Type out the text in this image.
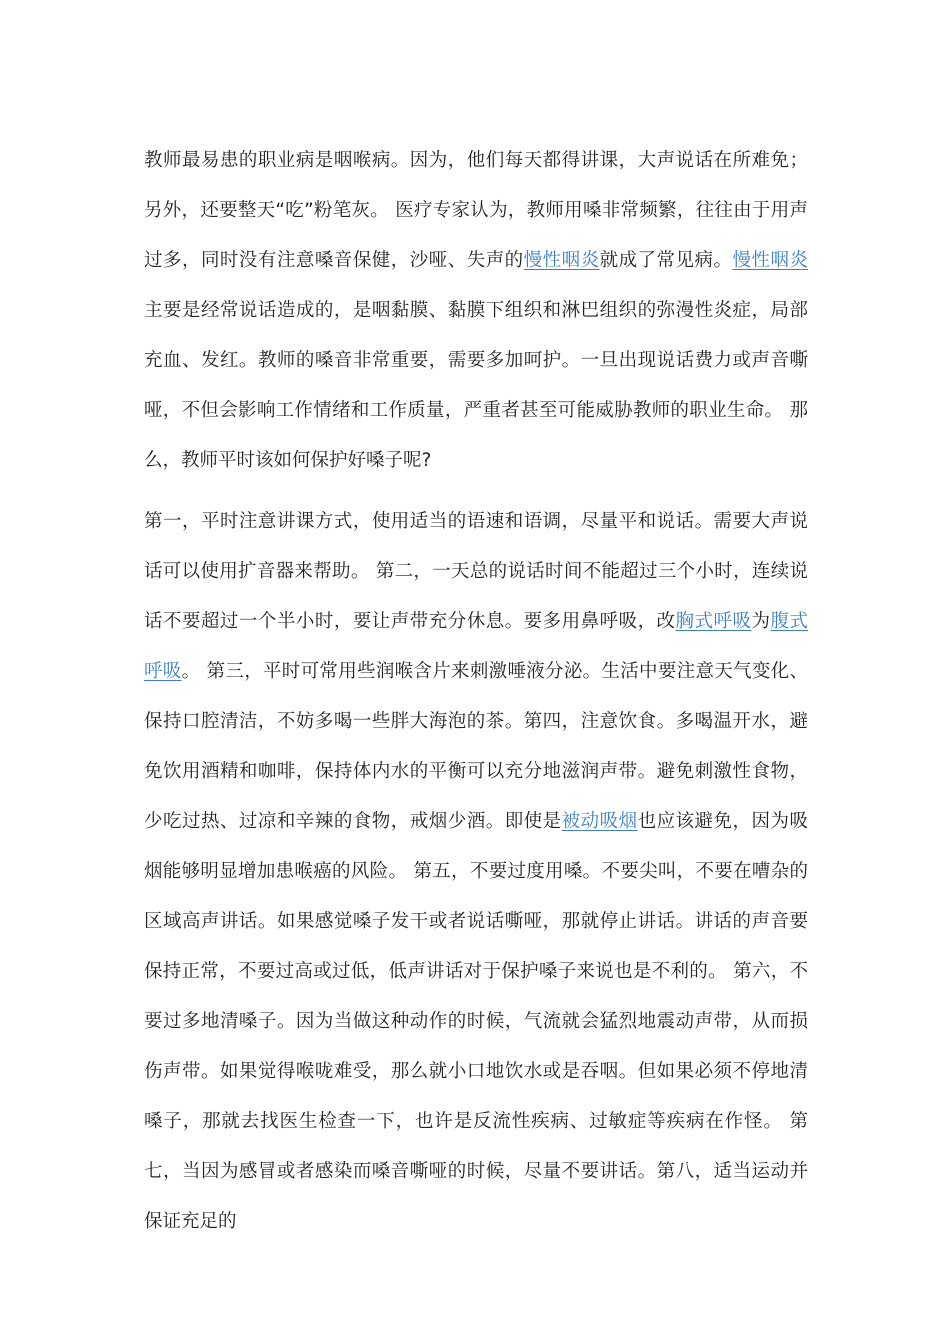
教师最易患的职业病是咽喉病。因为，他们每天都得讲课，大声说话在所难免；另外，还要整天“吃”粉笔灰。 医疗专家认为，教师用嗓非常频繁，往往由于用声过多，同时没有注意嗓音保健，沙哑、失声的慢性咽炎就成了常见病。慢性咽炎主要是经常说话造成的，是咽黏膜、黏膜下组织和淋巴组织的弥漫性炎症，局部充血、发红。教师的嗓音非常重要，需要多加呵护。一旦出现说话费力或声音嘶哑，不但会影响工作情绪和工作质量，严重者甚至可能威胁教师的职业生命。 那么，教师平时该如何保护好嗓子呢?

第一，平时注意讲课方式，使用适当的语速和语调，尽量平和说话。需要大声说话可以使用扩音器来帮助。 第二，一天总的说话时间不能超过三个小时，连续说话不要超过一个半小时，要让声带充分休息。要多用鼻呼吸，改胸式呼吸为腹式呼吸。 第三，平时可常用些润喉含片来刺激唾液分泌。生活中要注意天气变化、保持口腔清洁，不妨多喝一些胖大海泡的茶。第四，注意饮食。多喝温开水，避免饮用酒精和咖啡，保持体内水的平衡可以充分地滋润声带。避免刺激性食物，少吃过热、过凉和辛辣的食物，戒烟少酒。即使是被动吸烟也应该避免，因为吸烟能够明显增加患喉癌的风险。 第五，不要过度用嗓。不要尖叫，不要在嘈杂的区域高声讲话。如果感觉嗓子发干或者说话嘶哑，那就停止讲话。讲话的声音要保持正常，不要过高或过低，低声讲话对于保护嗓子来说也是不利的。 第六，不要过多地清嗓子。因为当做这种动作的时候，气流就会猛烈地震动声带，从而损伤声带。如果觉得喉咙难受，那么就小口地饮水或是吞咽。但如果必须不停地清嗓子，那就去找医生检查一下，也许是反流性疾病、过敏症等疾病在作怪。 第七，当因为感冒或者感染而嗓音嘶哑的时候，尽量不要讲话。第八，适当运动并保证充足的
